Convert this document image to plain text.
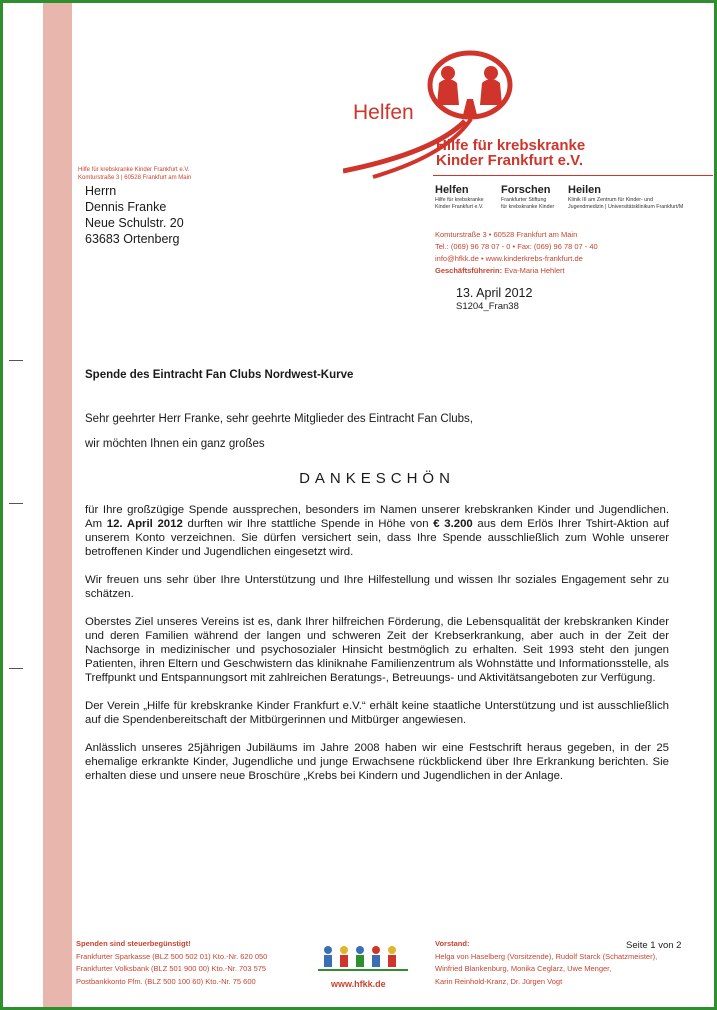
Helfen
Hilfe für krebskranke
Kinder Frankfurt e.V.
Hilfe für krebskranke Kinder Frankfurt e.V.
Komturstraße 3 | 60528 Frankfurt am Main
Herrn
Dennis Franke
Neue Schulstr. 20
63683 Ortenberg
Helfen

Hilfe für krebskranke
Kinder Frankfurt e.V.

Forschen

Frankfurter Stiftung
für krebskranke Kinder

Heilen

Klinik III am Zentrum für Kinder- und
Jugendmedizin | Universitätsklinikum Frankfurt/M

Komturstraße 3 • 60528 Frankfurt am Main
Tel.: (069) 96 78 07 - 0 • Fax: (069) 96 78 07 - 40
info@hfkk.de • www.kinderkrebs-frankfurt.de
Geschäftsführerin: Eva-Maria Hehlert
13. April 2012
S1204_Fran38
Spende des Eintracht Fan Clubs Nordwest-Kurve
Sehr geehrter Herr Franke, sehr geehrte Mitglieder des Eintracht Fan Clubs,
wir möchten Ihnen ein ganz großes
DANKESCHÖN

für Ihre großzügige Spende aussprechen, besonders im Namen unserer krebskranken Kinder und Jugendlichen. Am 12. April 2012 durften wir Ihre stattliche Spende in Höhe von € 3.200 aus dem Erlös Ihrer Tshirt-Aktion auf unserem Konto verzeichnen. Sie dürfen versichert sein, dass Ihre Spende ausschließlich zum Wohle unserer betroffenen Kinder und Jugendlichen eingesetzt wird.

Wir freuen uns sehr über Ihre Unterstützung und Ihre Hilfestellung und wissen Ihr soziales Engagement sehr zu schätzen.

Oberstes Ziel unseres Vereins ist es, dank Ihrer hilfreichen Förderung, die Lebensqualität der krebskranken Kinder und deren Familien während der langen und schweren Zeit der Krebserkrankung, aber auch in der Zeit der Nachsorge in medizinischer und psychosozialer Hinsicht bestmöglich zu erhalten. Seit 1993 steht den jungen Patienten, ihren Eltern und Geschwistern das kliniknahe Familienzentrum als Wohnstätte und Informationsstelle, als Treffpunkt und Entspannungsort mit zahlreichen Beratungs-, Betreuungs- und Aktivitätsangeboten zur Verfügung.

Der Verein „Hilfe für krebskranke Kinder Frankfurt e.V.“ erhält keine staatliche Unterstützung und ist ausschließlich auf die Spendenbereitschaft der Mitbürgerinnen und Mitbürger angewiesen.

Anlässlich unseres 25jährigen Jubiläums im Jahre 2008 haben wir eine Festschrift heraus gegeben, in der 25 ehemalige erkrankte Kinder, Jugendliche und junge Erwachsene rückblickend über Ihre Erkrankung berichten. Sie erhalten diese und unsere neue Broschüre „Krebs bei Kindern und Jugendlichen in der Anlage.

Spenden sind steuerbegünstigt!
Frankfurter Sparkasse (BLZ 500 502 01) Kto.-Nr. 620 050
Frankfurter Volksbank (BLZ 501 900 00) Kto.-Nr. 703 575
Postbankkonto Ffm. (BLZ 500 100 60) Kto.-Nr. 75 600	www.hfkk.de
Vorstand:
Helga von Haselberg (Vorsitzende), Rudolf Starck (Schatzmeister),
Winfried Blankenburg, Monika Ceglarz, Uwe Menger,
Karin Reinhold-Kranz, Dr. Jürgen Vogt
Seite 1 von 2
